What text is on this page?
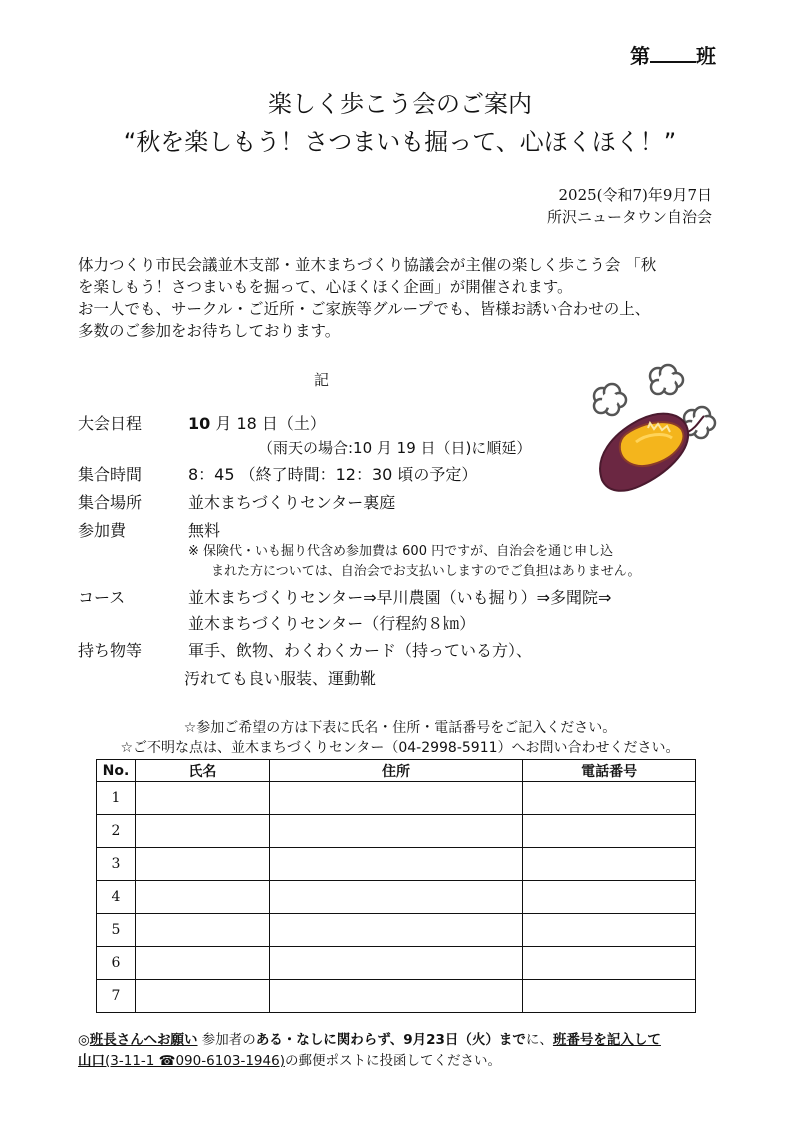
第 班
楽しく歩こう会のご案内
“秋を楽しもう！さつまいも掘って、心ほくほく！”
2025(令和7)年9月7日
所沢ニュータウン自治会

体力つくり市民会議並木支部・並木まちづくり協議会が主催の楽しく歩こう会 「秋

を楽しもう！さつまいもを掘って、心ほくほく企画」が開催されます。

お一人でも、サークル・ご近所・ご家族等グループでも、皆様お誘い合わせの上、

多数のご参加をお待ちしております。

記
大会日程	10 月 18 日（土）
（雨天の場合:10 月 19 日（日)に順延）
集合時間	8：45 （終了時間：12：30 頃の予定）
集合場所	並木まちづくりセンター裏庭
参加費	無料
※ 保険代・いも掘り代含め参加費は 600 円ですが、自治会を通じ申し込
まれた方については、自治会でお支払いしますのでご負担はありません。
コース	並木まちづくりセンター⇒早川農園（いも掘り）⇒多聞院⇒
並木まちづくりセンター（行程約８㎞）
持ち物等	軍手、飲物、わくわくカード（持っている方）、
汚れても良い服装、運動靴
☆参加ご希望の方は下表に氏名・住所・電話番号をご記入ください。
☆ご不明な点は、並木まちづくりセンター（04-2998-5911）へお問い合わせください。
No.	氏名	住所	電話番号
1			
2			
3			
4			
5			
6			
7			
◎班長さんへお願い 参加者のある・なしに関わらず、9月23日（火）までに、班番号を記入して
山口(3-11-1 ☎090-6103-1946)の郵便ポストに投函してください。
